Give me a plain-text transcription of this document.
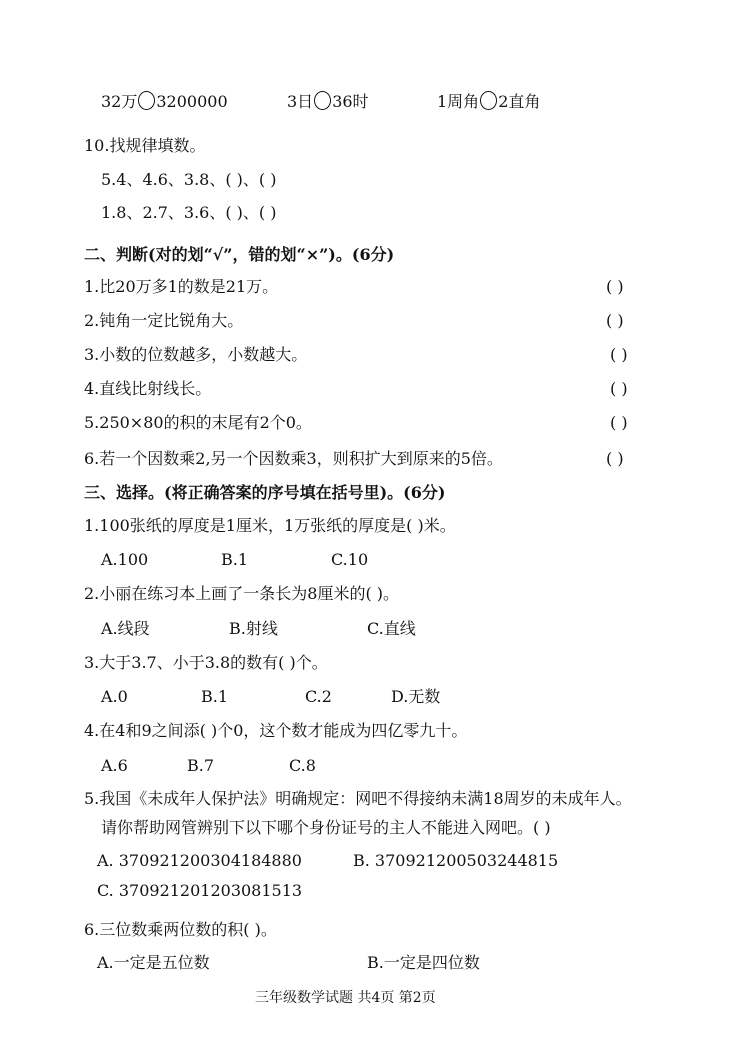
32万 3200000	3日 36时	1周角 2直角
10.找规律填数。
5.4、4.6、3.8、( )、( )
1.8、2.7、3.6、( )、( )
二、判断(对的划“√”，错的划“×”)。(6分)
1.比20万多1的数是21万。	( )
2.钝角一定比锐角大。	( )
3.小数的位数越多，小数越大。	( )
4.直线比射线长。	( )
5.250×80的积的末尾有2个0。	( )
6.若一个因数乘2,另一个因数乘3，则积扩大到原来的5倍。	( )
三、选择。(将正确答案的序号填在括号里)。(6分)
1.100张纸的厚度是1厘米，1万张纸的厚度是( )米。
A.100	B.1	C.10
2.小丽在练习本上画了一条长为8厘米的( )。
A.线段	B.射线	C.直线
3.大于3.7、小于3.8的数有( )个。
A.0	B.1	C.2	D.无数
4.在4和9之间添( )个0，这个数才能成为四亿零九十。
A.6	B.7	C.8
5.我国《未成年人保护法》明确规定：网吧不得接纳未满18周岁的未成年人。
请你帮助网管辨别下以下哪个身份证号的主人不能进入网吧。( )
A. 370921200304184880	B. 370921200503244815
C. 370921201203081513
6.三位数乘两位数的积( )。
A.一定是五位数	B.一定是四位数
三年级数学试题 共4页 第2页
